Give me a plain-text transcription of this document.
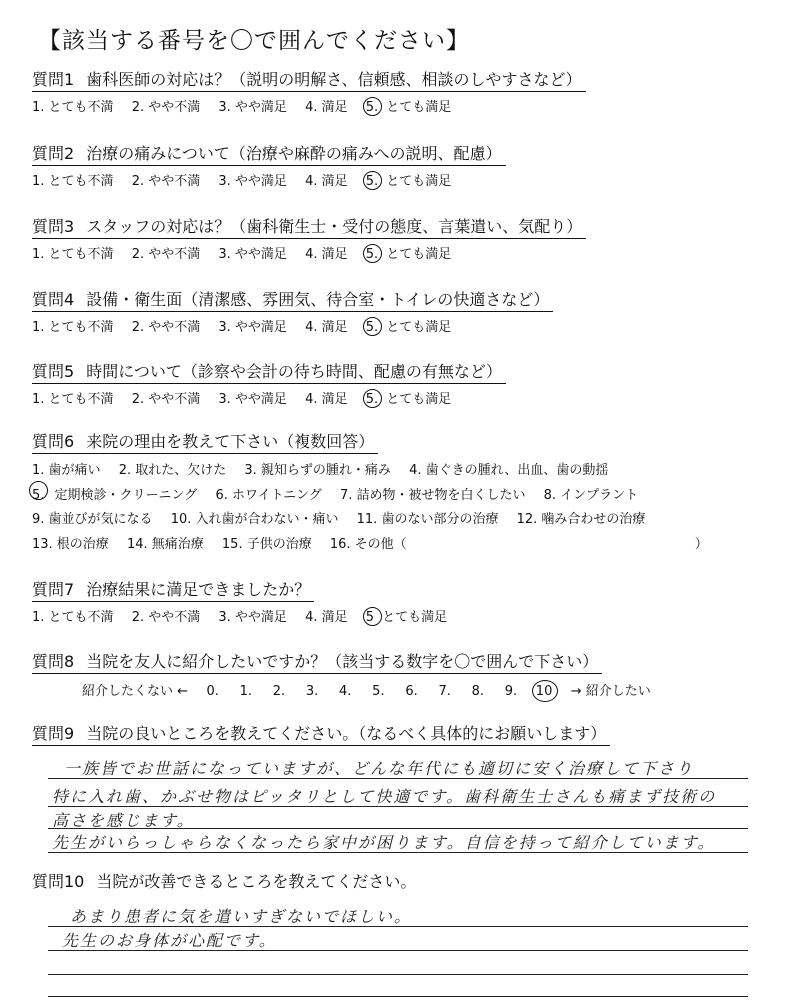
【該当する番号を〇で囲んでください】
質問1 歯科医師の対応は？（説明の明解さ、信頼感、相談のしやすさなど）
1. とても不満 2. やや不満 3. やや満足 4. 満足 5. とても満足
質問2 治療の痛みについて（治療や麻酔の痛みへの説明、配慮）
1. とても不満 2. やや不満 3. やや満足 4. 満足 5. とても満足
質問3 スタッフの対応は？（歯科衛生士・受付の態度、言葉遣い、気配り）
1. とても不満 2. やや不満 3. やや満足 4. 満足 5. とても満足
質問4 設備・衛生面（清潔感、雰囲気、待合室・トイレの快適さなど）
1. とても不満 2. やや不満 3. やや満足 4. 満足 5. とても満足
質問5 時間について（診察や会計の待ち時間、配慮の有無など）
1. とても不満 2. やや不満 3. やや満足 4. 満足 5. とても満足
質問6 来院の理由を教えて下さい（複数回答）
1. 歯が痛い 2. 取れた、欠けた 3. 親知らずの腫れ・痛み 4. 歯ぐきの腫れ、出血、歯の動揺
5. 定期検診・クリーニング 6. ホワイトニング 7. 詰め物・被せ物を白くしたい 8. インプラント
9. 歯並びが気になる 10. 入れ歯が合わない・痛い 11. 歯のない部分の治療 12. 噛み合わせの治療
13. 根の治療 14. 無痛治療 15. 子供の治療 16. その他（	）
質問7 治療結果に満足できましたか？
1. とても不満 2. やや不満 3. やや満足 4. 満足 5 とても満足
質問8 当院を友人に紹介したいですか？（該当する数字を〇で囲んで下さい）
紹介したくない ← 0. 1. 2. 3. 4. 5. 6. 7. 8. 9. 10 → 紹介したい
質問9 当院の良いところを教えてください。（なるべく具体的にお願いします）
一族皆でお世話になっていますが、どんな年代にも適切に安く治療して下さり
特に入れ歯、かぶせ物はピッタリとして快適です。歯科衛生士さんも痛まず技術の
高さを感じます。
先生がいらっしゃらなくなったら家中が困ります。自信を持って紹介しています。
質問10 当院が改善できるところを教えてください。
あまり患者に気を遣いすぎないでほしい。
先生のお身体が心配です。
